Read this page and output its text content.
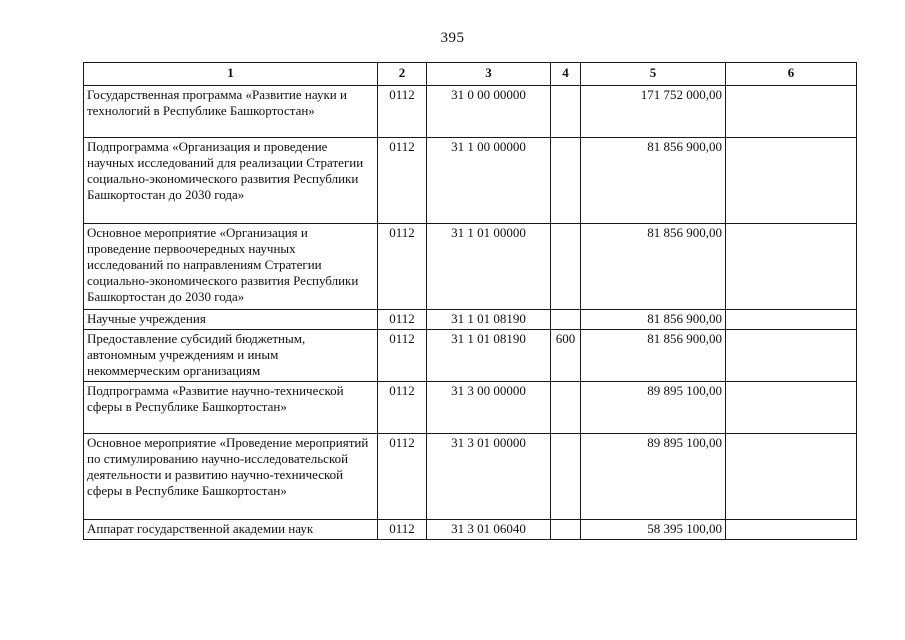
395
1	2	3	4	5	6
Государственная программа «Развитие науки и технологий в Республике Башкортостан»	0112	31 0 00 00000		171 752 000,00	
Подпрограмма «Организация и проведение научных исследований для реализации Стратегии социально-экономического развития Республики Башкортостан до 2030 года»	0112	31 1 00 00000		81 856 900,00	
Основное мероприятие «Организация и проведение первоочередных научных исследований по направлениям Стратегии социально-экономического развития Республики Башкортостан до 2030 года»	0112	31 1 01 00000		81 856 900,00	
Научные учреждения	0112	31 1 01 08190		81 856 900,00	
Предоставление субсидий бюджетным, автономным учреждениям и иным некоммерческим организациям	0112	31 1 01 08190	600	81 856 900,00	
Подпрограмма «Развитие научно-технической сферы в Республике Башкортостан»	0112	31 3 00 00000		89 895 100,00	
Основное мероприятие «Проведение мероприятий по стимулированию научно-исследовательской деятельности и развитию научно-технической сферы в Республике Башкортостан»	0112	31 3 01 00000		89 895 100,00	
Аппарат государственной академии наук	0112	31 3 01 06040		58 395 100,00	
